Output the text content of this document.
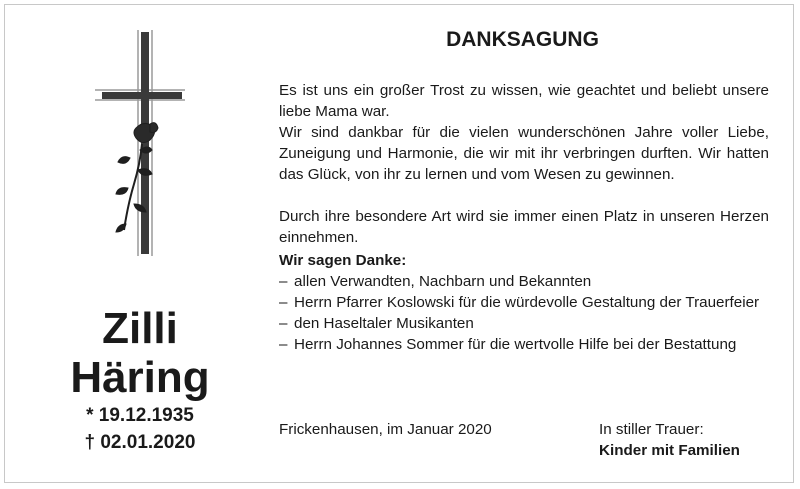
Zilli
Häring
* 19.12.1935
† 02.01.2020
DANKSAGUNG
Es ist uns ein großer Trost zu wissen, wie geachtet und beliebt unsere liebe Mama war.
Wir sind dankbar für die vielen wunderschönen Jahre voller Liebe, Zuneigung und Harmonie, die wir mit ihr verbringen durften. Wir hatten das Glück, von ihr zu lernen und vom Wesen zu gewinnen.
Durch ihre besondere Art wird sie immer einen Platz in unseren Herzen einnehmen.
Wir sagen Danke:
– allen Verwandten, Nachbarn und Bekannten
– Herrn Pfarrer Koslowski für die würdevolle Gestaltung der Trauerfeier
– den Haseltaler Musikanten
– Herrn Johannes Sommer für die wertvolle Hilfe bei der Bestattung
Frickenhausen, im Januar 2020	In stiller Trauer:
Kinder mit Familien
